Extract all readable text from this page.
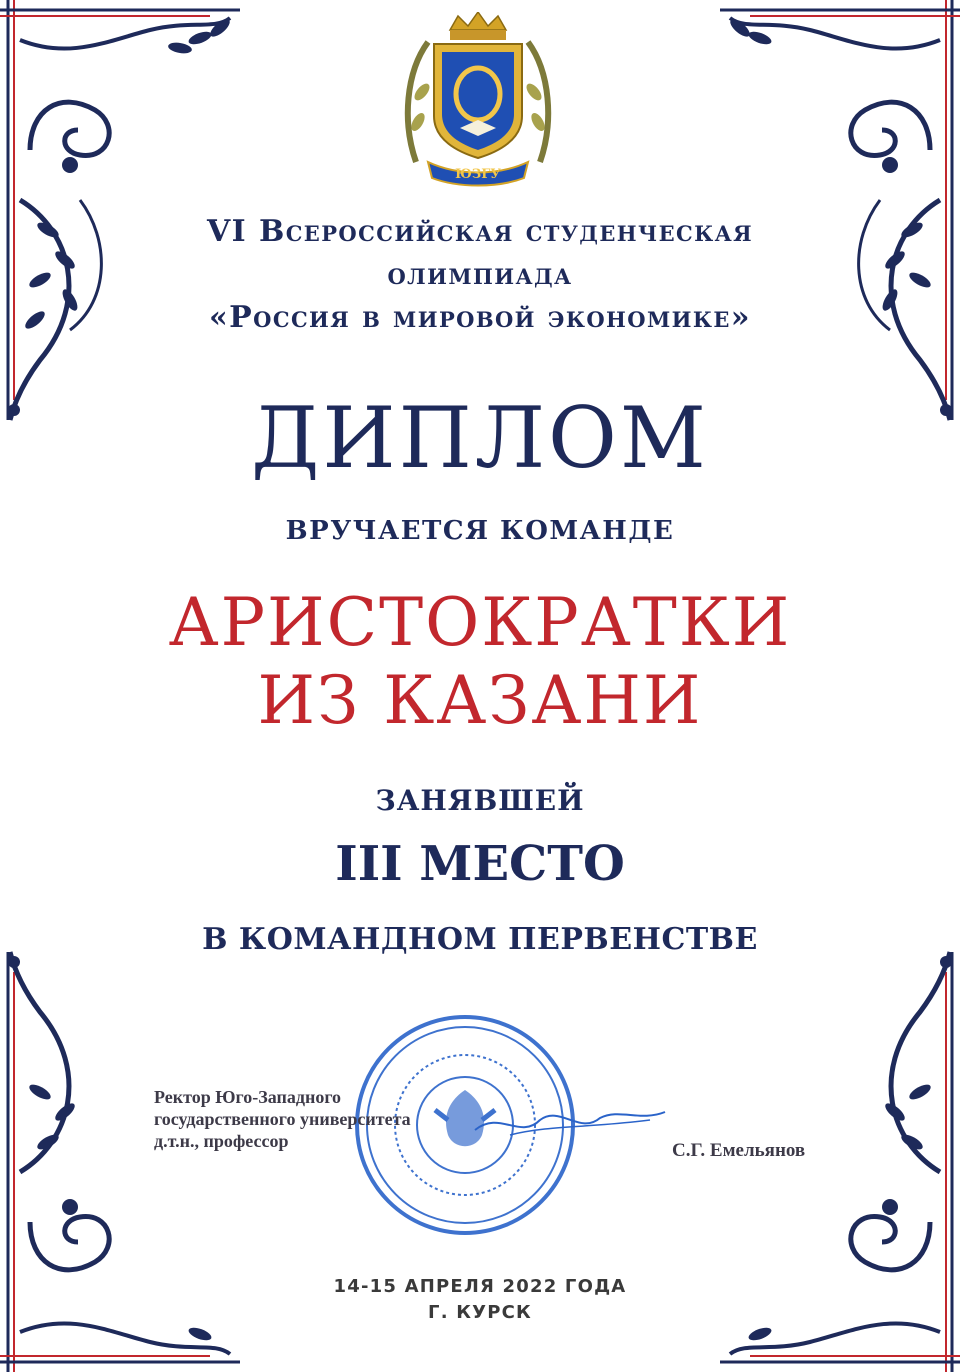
ЮЗГУ
VI Всероссийская студенческая
олимпиада
«Россия в мировой экономике»
ДИПЛОМ
ВРУЧАЕТСЯ КОМАНДЕ
АРИСТОКРАТКИ
ИЗ КАЗАНИ
ЗАНЯВШЕЙ
III МЕСТО
В КОМАНДНОМ ПЕРВЕНСТВЕ
Ректор Юго-Западного
государственного университета
д.т.н., профессор	С.Г. Емельянов
14-15 АПРЕЛЯ 2022 ГОДА
Г. КУРСК
